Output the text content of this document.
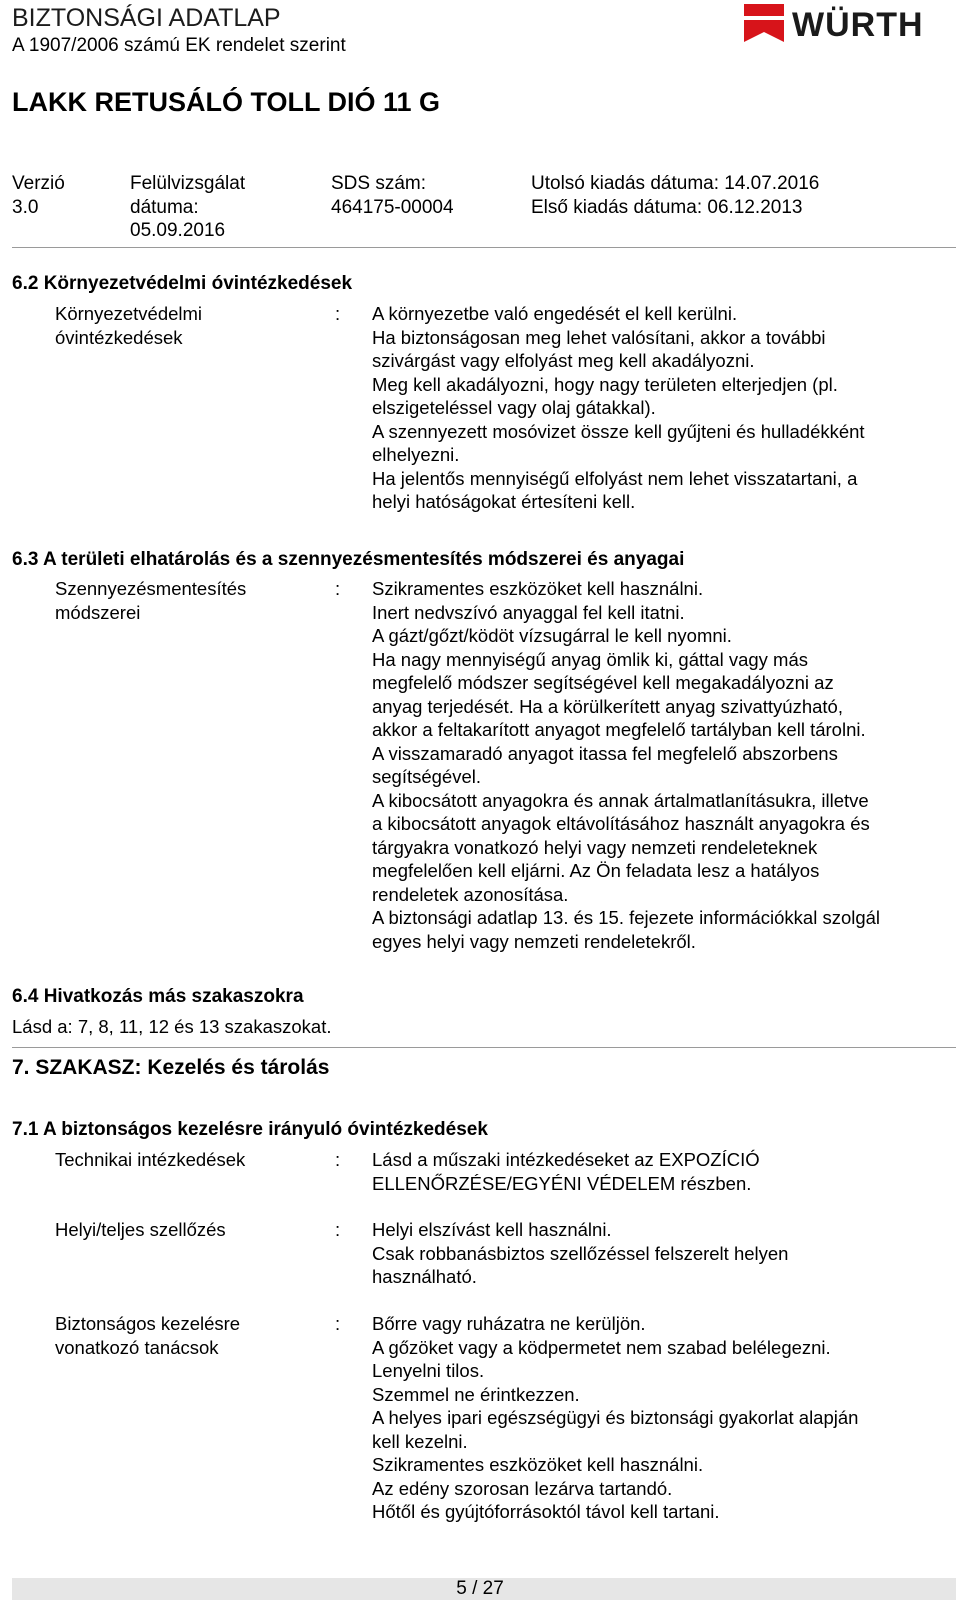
BIZTONSÁGI ADATLAP
A 1907/2006 számú EK rendelet szerint
WÜRTH
LAKK RETUSÁLÓ TOLL DIÓ 11 G
Verzió
3.0
Felülvizsgálat
dátuma:
05.09.2016
SDS szám:
464175-00004
Utolsó kiadás dátuma: 14.07.2016
Első kiadás dátuma: 06.12.2013
6.2 Környezetvédelmi óvintézkedések
Környezetvédelmi
óvintézkedések
: A környezetbe való engedését el kell kerülni.
Ha biztonságosan meg lehet valósítani, akkor a további
szivárgást vagy elfolyást meg kell akadályozni.
Meg kell akadályozni, hogy nagy területen elterjedjen (pl.
elszigeteléssel vagy olaj gátakkal).
A szennyezett mosóvizet össze kell gyűjteni és hulladékként
elhelyezni.
Ha jelentős mennyiségű elfolyást nem lehet visszatartani, a
helyi hatóságokat értesíteni kell.
6.3 A területi elhatárolás és a szennyezésmentesítés módszerei és anyagai
Szennyezésmentesítés
módszerei
: Szikramentes eszközöket kell használni.
Inert nedvszívó anyaggal fel kell itatni.
A gázt/gőzt/ködöt vízsugárral le kell nyomni.
Ha nagy mennyiségű anyag ömlik ki, gáttal vagy más
megfelelő módszer segítségével kell megakadályozni az
anyag terjedését. Ha a körülkerített anyag szivattyúzható,
akkor a feltakarított anyagot megfelelő tartályban kell tárolni.
A visszamaradó anyagot itassa fel megfelelő abszorbens
segítségével.
A kibocsátott anyagokra és annak ártalmatlanításukra, illetve
a kibocsátott anyagok eltávolításához használt anyagokra és
tárgyakra vonatkozó helyi vagy nemzeti rendeleteknek
megfelelően kell eljárni. Az Ön feladata lesz a hatályos
rendeletek azonosítása.
A biztonsági adatlap 13. és 15. fejezete információkkal szolgál
egyes helyi vagy nemzeti rendeletekről.
6.4 Hivatkozás más szakaszokra
Lásd a: 7, 8, 11, 12 és 13 szakaszokat.
7. SZAKASZ: Kezelés és tárolás
7.1 A biztonságos kezelésre irányuló óvintézkedések
Technikai intézkedések	: Lásd a műszaki intézkedéseket az EXPOZÍCIÓ
ELLENŐRZÉSE/EGYÉNI VÉDELEM részben.
Helyi/teljes szellőzés	: Helyi elszívást kell használni.
Csak robbanásbiztos szellőzéssel felszerelt helyen
használható.
Biztonságos kezelésre
vonatkozó tanácsok
: Bőrre vagy ruházatra ne kerüljön.
A gőzöket vagy a ködpermetet nem szabad belélegezni.
Lenyelni tilos.
Szemmel ne érintkezzen.
A helyes ipari egészségügyi és biztonsági gyakorlat alapján
kell kezelni.
Szikramentes eszközöket kell használni.
Az edény szorosan lezárva tartandó.
Hőtől és gyújtóforrásoktól távol kell tartani.
5 / 27
